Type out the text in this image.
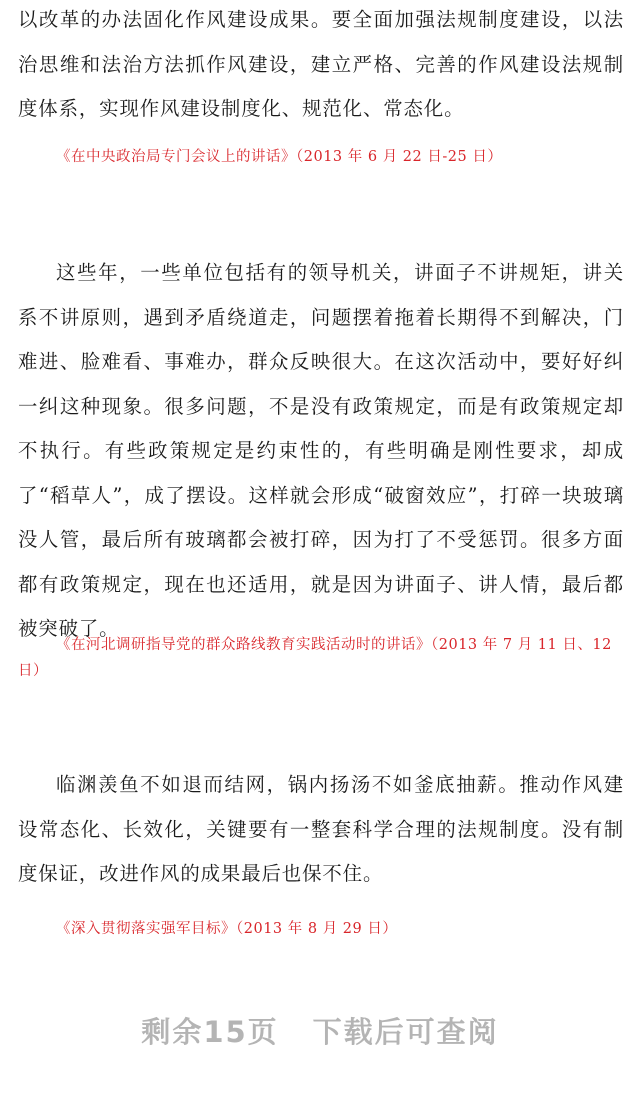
以改革的办法固化作风建设成果。要全面加强法规制度建设，以法治思维和法治方法抓作风建设，建立严格、完善的作风建设法规制度体系，实现作风建设制度化、规范化、常态化。

《在中央政治局专门会议上的讲话》（2013 年 6 月 22 日-25 日）

这些年，一些单位包括有的领导机关，讲面子不讲规矩，讲关系不讲原则，遇到矛盾绕道走，问题摆着拖着长期得不到解决，门难进、脸难看、事难办，群众反映很大。在这次活动中，要好好纠一纠这种现象。很多问题，不是没有政策规定，而是有政策规定却不执行。有些政策规定是约束性的，有些明确是刚性要求，却成了“稻草人”，成了摆设。这样就会形成“破窗效应”，打碎一块玻璃没人管，最后所有玻璃都会被打碎，因为打了不受惩罚。很多方面都有政策规定，现在也还适用，就是因为讲面子、讲人情，最后都被突破了。

《在河北调研指导党的群众路线教育实践活动时的讲话》（2013 年 7 月 11 日、12 日）

临渊羡鱼不如退而结网，锅内扬汤不如釜底抽薪。推动作风建设常态化、长效化，关键要有一整套科学合理的法规制度。没有制度保证，改进作风的成果最后也保不住。

《深入贯彻落实强军目标》（2013 年 8 月 29 日）

剩余15页 下载后可查阅
